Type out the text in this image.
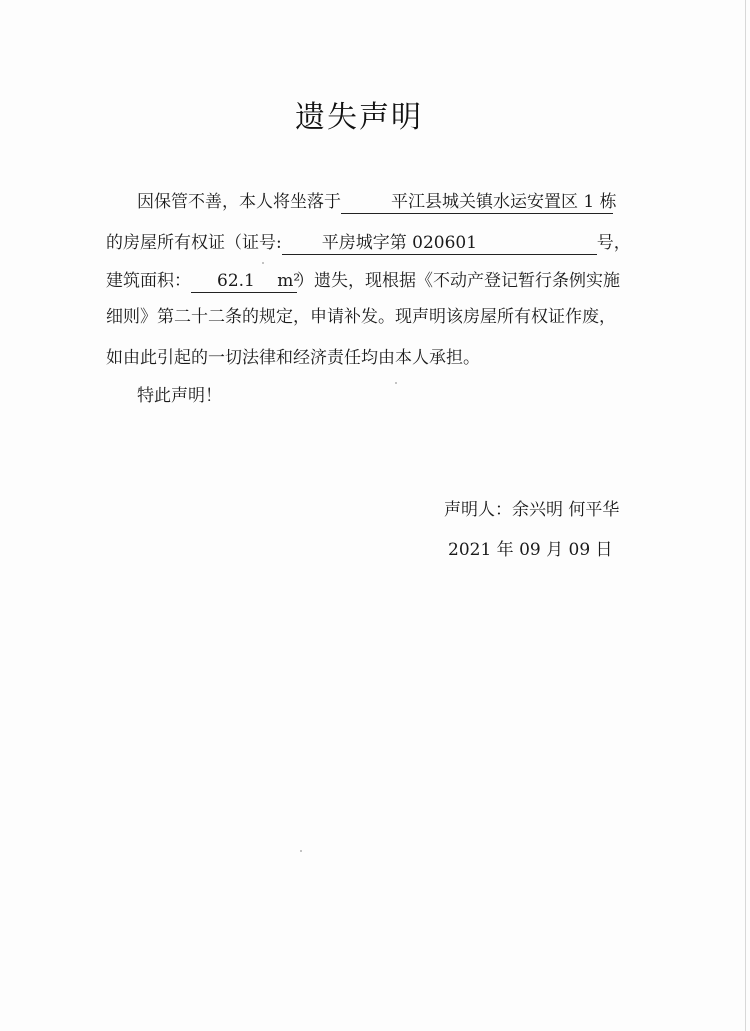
遗失声明
因保管不善，本人将坐落于	平江县城关镇水运安置区 1 栋
的房屋所有权证（证号: 平房城字第 020601	号，
建筑面积： 62.1　 m²）遗失，现根据《不动产登记暂行条例实施
细则》第二十二条的规定，申请补发。现声明该房屋所有权证作废，
如由此引起的一切法律和经济责任均由本人承担。
特此声明！
声明人：余兴明 何平华
2021 年 09 月 09 日
